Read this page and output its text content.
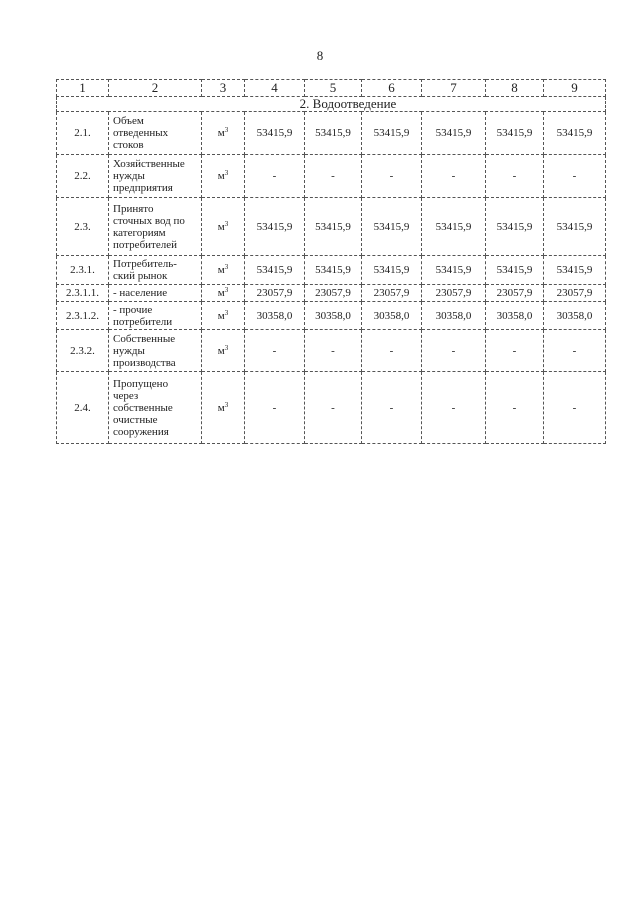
8
1	2	3	4	5	6	7	8	9
2. Водоотведение								
2.1.	Объем
отведенных
стоков	$м^3$	53415,9	53415,9	53415,9	53415,9	53415,9	53415,9
2.2.	Хозяйственные
нужды
предприятия	$м^3$	-	-	-	-	-	-
2.3.	Принято
сточных вод по
категориям
потребителей	$м^3$	53415,9	53415,9	53415,9	53415,9	53415,9	53415,9
2.3.1.	Потребитель-
ский рынок	$м^3$	53415,9	53415,9	53415,9	53415,9	53415,9	53415,9
2.3.1.1.	- население	$м^3$	23057,9	23057,9	23057,9	23057,9	23057,9	23057,9
2.3.1.2.	- прочие
потребители	$м^3$	30358,0	30358,0	30358,0	30358,0	30358,0	30358,0
2.3.2.	Собственные
нужды
производства	$м^3$	-	-	-	-	-	-
2.4.	Пропущено
через
собственные
очистные
сооружения	$м^3$	-	-	-	-	-	-
